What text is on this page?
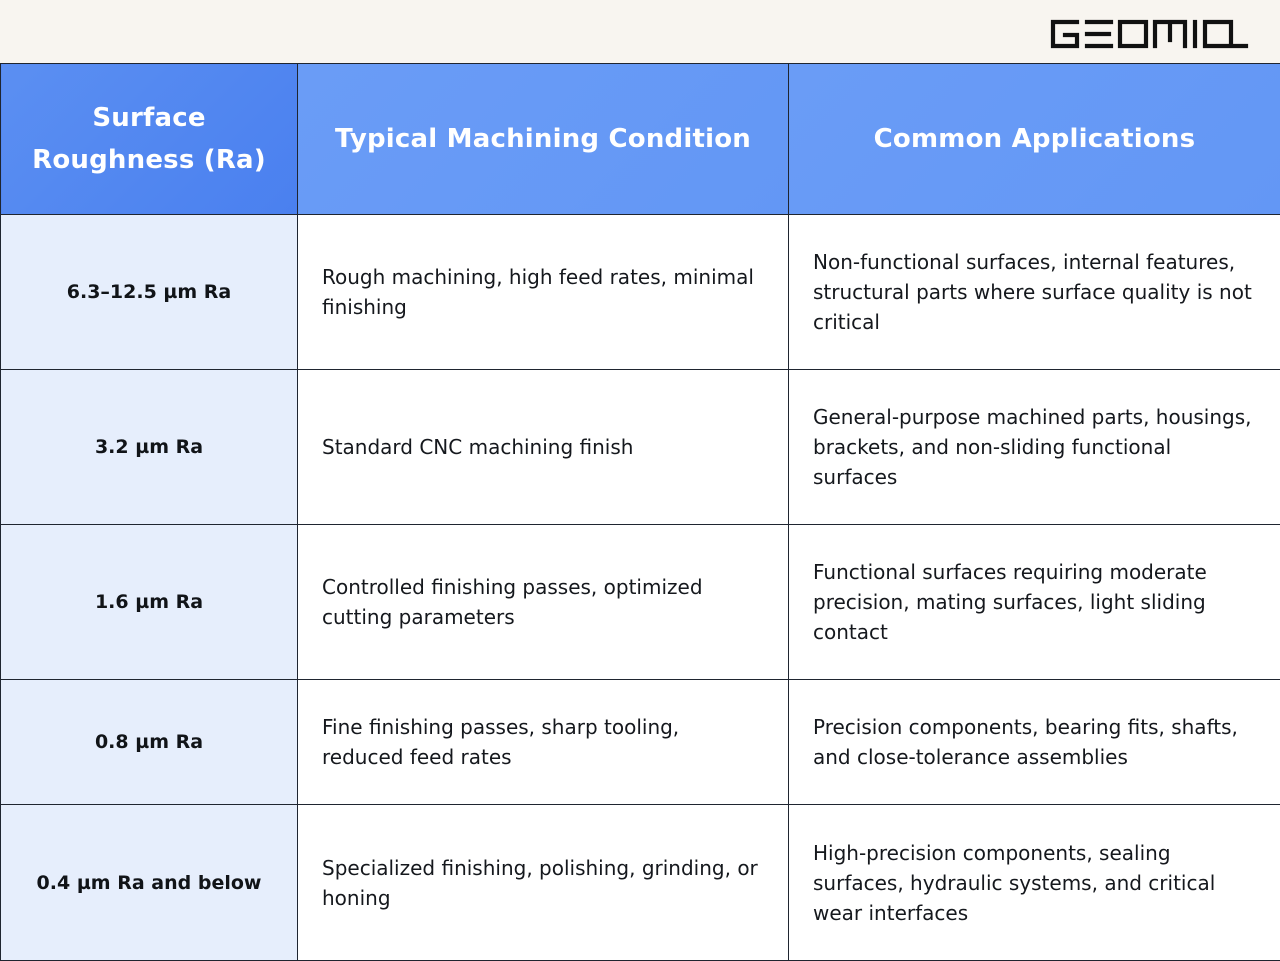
Surface Roughness (Ra)	Typical Machining Condition	Common Applications
6.3–12.5 µm Ra	Rough machining, high feed rates, minimal finishing	Non-functional surfaces, internal features, structural parts where surface quality is not critical
3.2 µm Ra	Standard CNC machining finish	General-purpose machined parts, housings, brackets, and non-sliding functional surfaces
1.6 µm Ra	Controlled finishing passes, optimized cutting parameters	Functional surfaces requiring moderate precision, mating surfaces, light sliding contact
0.8 µm Ra	Fine finishing passes, sharp tooling, reduced feed rates	Precision components, bearing fits, shafts, and close-tolerance assemblies
0.4 µm Ra and below	Specialized finishing, polishing, grinding, or honing	High-precision components, sealing surfaces, hydraulic systems, and critical wear interfaces
